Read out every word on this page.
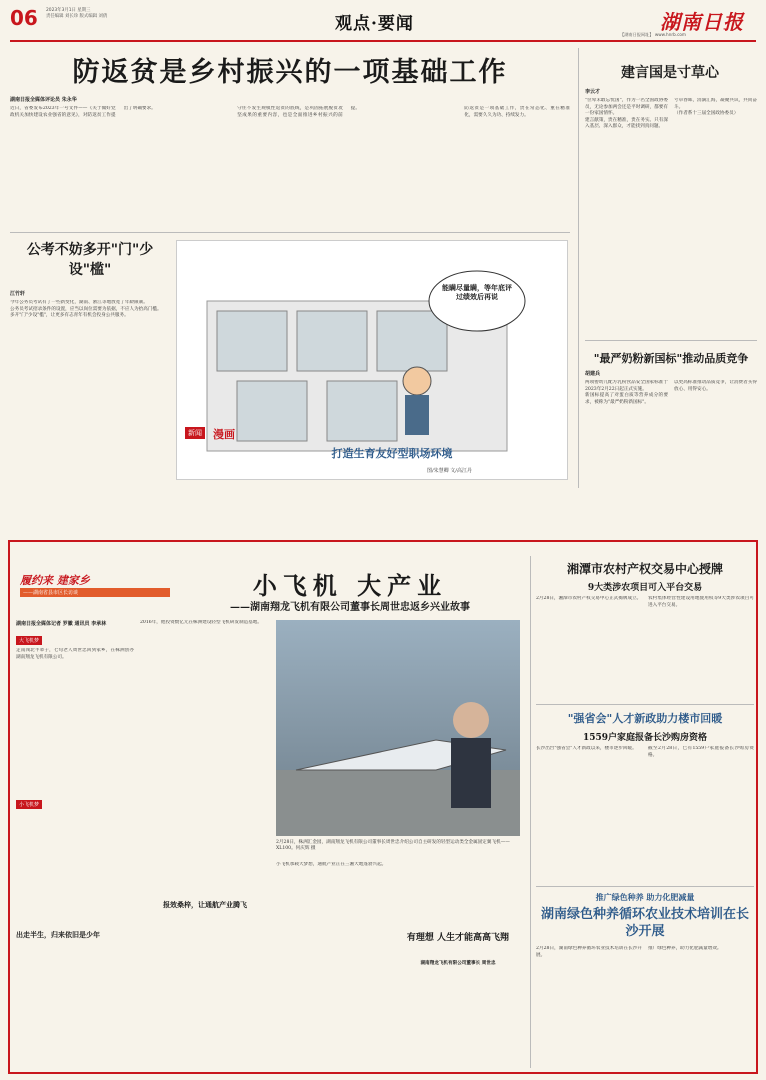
06 2023年3月1日 星期三
责任编辑 刘长珍 版式编辑 刘倩	观点·要闻	湖南日报
【湖南日报网址】 www.hnrb.com
防返贫是乡村振兴的一项基础工作
湖南日报全媒体评论员 朱永华
近日，省委发布2023年一号文件——《关于做好党政机关加快建设农业强省的意见》，对防返贫工作提出了明确要求。	守住不发生规模性返贫的底线，是巩固拓展脱贫攻坚成果的重要内容，也是全面推进乡村振兴的前提。	防返贫是一项基础工作，贵在常态化、重在精准化，需要久久为功、持续发力。
建言国是寸草心
李云才
"位卑未敢忘忧国"，作为一名全国政协委员，无论参加两会还是平时调研，都要有一份家国情怀。
建言献策，贵在精准，贵在务实。只有深入基层、深入群众，才能找到真问题。
寸草春晖，涓滴汇海，凝聚共识，共同奋斗。
（作者系十三届全国政协委员）
公考不妨多开"门"少设"槛"
江竹轩
今年公务员考试有了一些新变化，湖南、浙江等地放宽了年龄限制。
公务员考试招录条件的设置，应当以岗位需要为依据，不应人为抬高门槛。
多开"门"少设"槛"，让更多有志青年有机会投身公共服务。
能瞒尽量瞒，等年底评过绩效后再说
新闻 漫画
打造生育友好型职场环境
图/朱慧卿 文/高江丹
"最严奶粉新国标"推动品质竞争
胡建兵
两项婴幼儿配方乳粉食品安全国家标准于2023年2月22日起正式实施。
新国标提高了对蛋白质等营养成分的要求，被称为"最严奶粉新国标"。
以更高标准推动品质竞争，让消费者买得放心、用得安心。
履约来 建家乡
——湖南省县市区长访谈	小飞机 大产业
——湖南翔龙飞机有限公司董事长周世忠返乡兴业故事
湖南日报全媒体记者 罗徽 通讯员 李承林
大飞机梦
走南闯北半辈子，七旬老人周世忠回到家乡，在株洲创办湖南翔龙飞机有限公司。
小飞机梦
出走半生，归来依旧是少年
2016年，他投资数亿元在株洲建设轻型飞机研发制造基地。
报效桑梓，让通航产业腾飞
2月28日，株洲汇金园，湖南翔龙飞机有限公司董事长周世忠介绍公司自主研发的轻型运动类全金属固定翼飞机——XL100。何庆辉 摄
小飞机承载大梦想，通航产业正在三湘大地蓬勃兴起。
有理想 人生才能高高飞翔
湖南翔龙飞机有限公司董事长 周世忠
湘潭市农村产权交易中心授牌
9大类涉农项目可入平台交易
2月28日，湘潭市农村产权交易中心正式揭牌成立。 农村集体经营性建设用地使用权等9大类涉农项目可进入平台交易。
"强省会"人才新政助力楼市回暖
1559户家庭报备长沙购房资格
长沙出台"强省会"人才新政以来，楼市逐步回暖。	截至2月28日，已有1559户家庭报备长沙购房资格。
推广绿色种养 助力化肥减量
湖南绿色种养循环农业技术培训在长沙开展
2月28日，湖南绿色种养循环农业技术培训在长沙开展。
推广绿色种养，助力化肥减量增效。
